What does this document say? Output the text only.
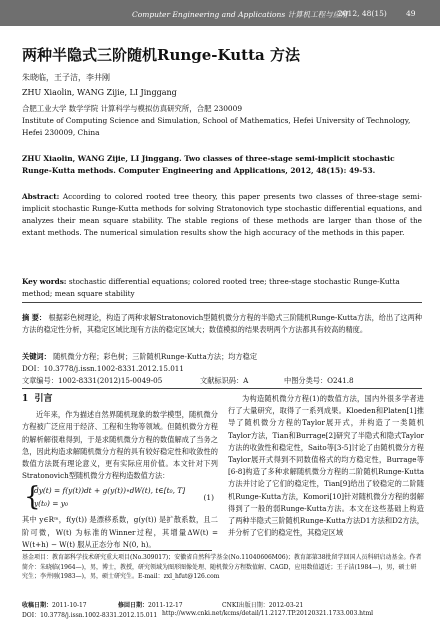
Computer Engineering and Applications 计算机工程与应用
2012, 48(15)	49
两种半隐式三阶随机Runge-Kutta 方法
朱晓临，王子洁，李井刚
ZHU Xiaolin, WANG Zijie, LI Jinggang
合肥工业大学 数学学院 计算科学与模拟仿真研究所，合肥 230009
Institute of Computing Science and Simulation, School of Mathematics, Hefei University of Technology, Hefei 230009, China
ZHU Xiaolin, WANG Zijie, LI Jinggang. Two classes of three-stage semi-implicit stochastic Runge-Kutta methods. Computer Engineering and Applications, 2012, 48(15): 49-53.
Abstract: According to colored rooted tree theory, this paper presents two classes of three-stage semi-implicit stochastic Runge-Kutta methods for solving Stratonovich type stochastic differential equations, and analyzes their mean square stability. The stable regions of these methods are larger than those of the extant methods. The numerical simulation results show the high accuracy of the methods in this paper.
Key words: stochastic differential equations; colored rooted tree; three-stage stochastic Runge-Kutta method; mean square stability
摘 要： 根据彩色树理论，构造了两种求解Stratonovich型随机微分方程的半隐式三阶随机Runge-Kutta方法，给出了这两种方法的稳定性分析，其稳定区域比现有方法的稳定区域大；数值模拟的结果表明两个方法都具有较高的精度。
关键词： 随机微分方程；彩色树；三阶随机Runge-Kutta方法；均方稳定
DOI：10.3778/j.issn.1002-8331.2012.15.011
文章编号：1002-8331(2012)15-0049-05	文献标识码：A	中图分类号：O241.8
1 引言

近年来，作为描述自然界随机现象的数学模型，随机微分方程被广泛应用于经济、工程和生物等领域。但随机微分方程的解析解很难得到，于是求随机微分方程的数值解成了当务之急，因此构造求解随机微分方程的具有较好稳定性和收敛性的数值方法既有理论意义，更有实际应用价值。本文针对下列Stratonovich型随机微分方程构造数值方法：

{
dy(t) = f(y(t))dt + g(y(t))∘dW(t), t∈[t₀, T]
y(t₀) = y₀
(1)

其中 y∈Rᵐ，f(y(t)) 是漂移系数，g(y(t)) 是扩散系数，且二阶可微，W(t) 为标准的Winner过程，其增量ΔW(t) = W(t+h) − W(t) 服从正态分布 N(0, h)。

为构造随机微分方程(1)的数值方法，国内外很多学者进行了大量研究，取得了一系列成果。Kloeden和Platen[1]推导了随机微分方程的Taylor展开式，并构造了一类随机Taylor方法，Tian和Burrage[2]研究了半隐式和隐式Taylor方法的收敛性和稳定性，Saito等[3-5]讨论了由随机微分方程Taylor展开式得到不同数值格式的均方稳定性，Burrage等[6-8]构造了多种求解随机微分方程的二阶随机Runge-Kutta方法并讨论了它们的稳定性，Tian[9]给出了较稳定的二阶随机Runge-Kutta方法，Komori[10]针对随机微分方程的弱解得到了一般的弱Runge-Kutta方法。本文在这些基础上构造了两种半隐式三阶随机Runge-Kutta方法D1方法和D2方法，并分析了它们的稳定性，其稳定区域

基金项目：教育部科学技术研究重大项目(No.309017)；安徽省自然科学基金(No.11040606M06)；教育部第38批留学回国人员科研启动基金。作者简介：朱晓临(1964—)，男，博士，教授，研究领域为图形图像处理、随机微分方程数值解、CAGD，应用数值逼近；王子洁(1984—)，男，硕士研究生；李井刚(1983—)，男，硕士研究生。E-mail：zxl_hfut@126.com
收稿日期：2011-10-17	修回日期：2011-12-17	CNKI出版日期：2012-03-21
DOI：10.3778/j.issn.1002-8331.2012.15.011 http://www.cnki.net/kcms/detail/11.2127.TP.20120321.1733.003.html
